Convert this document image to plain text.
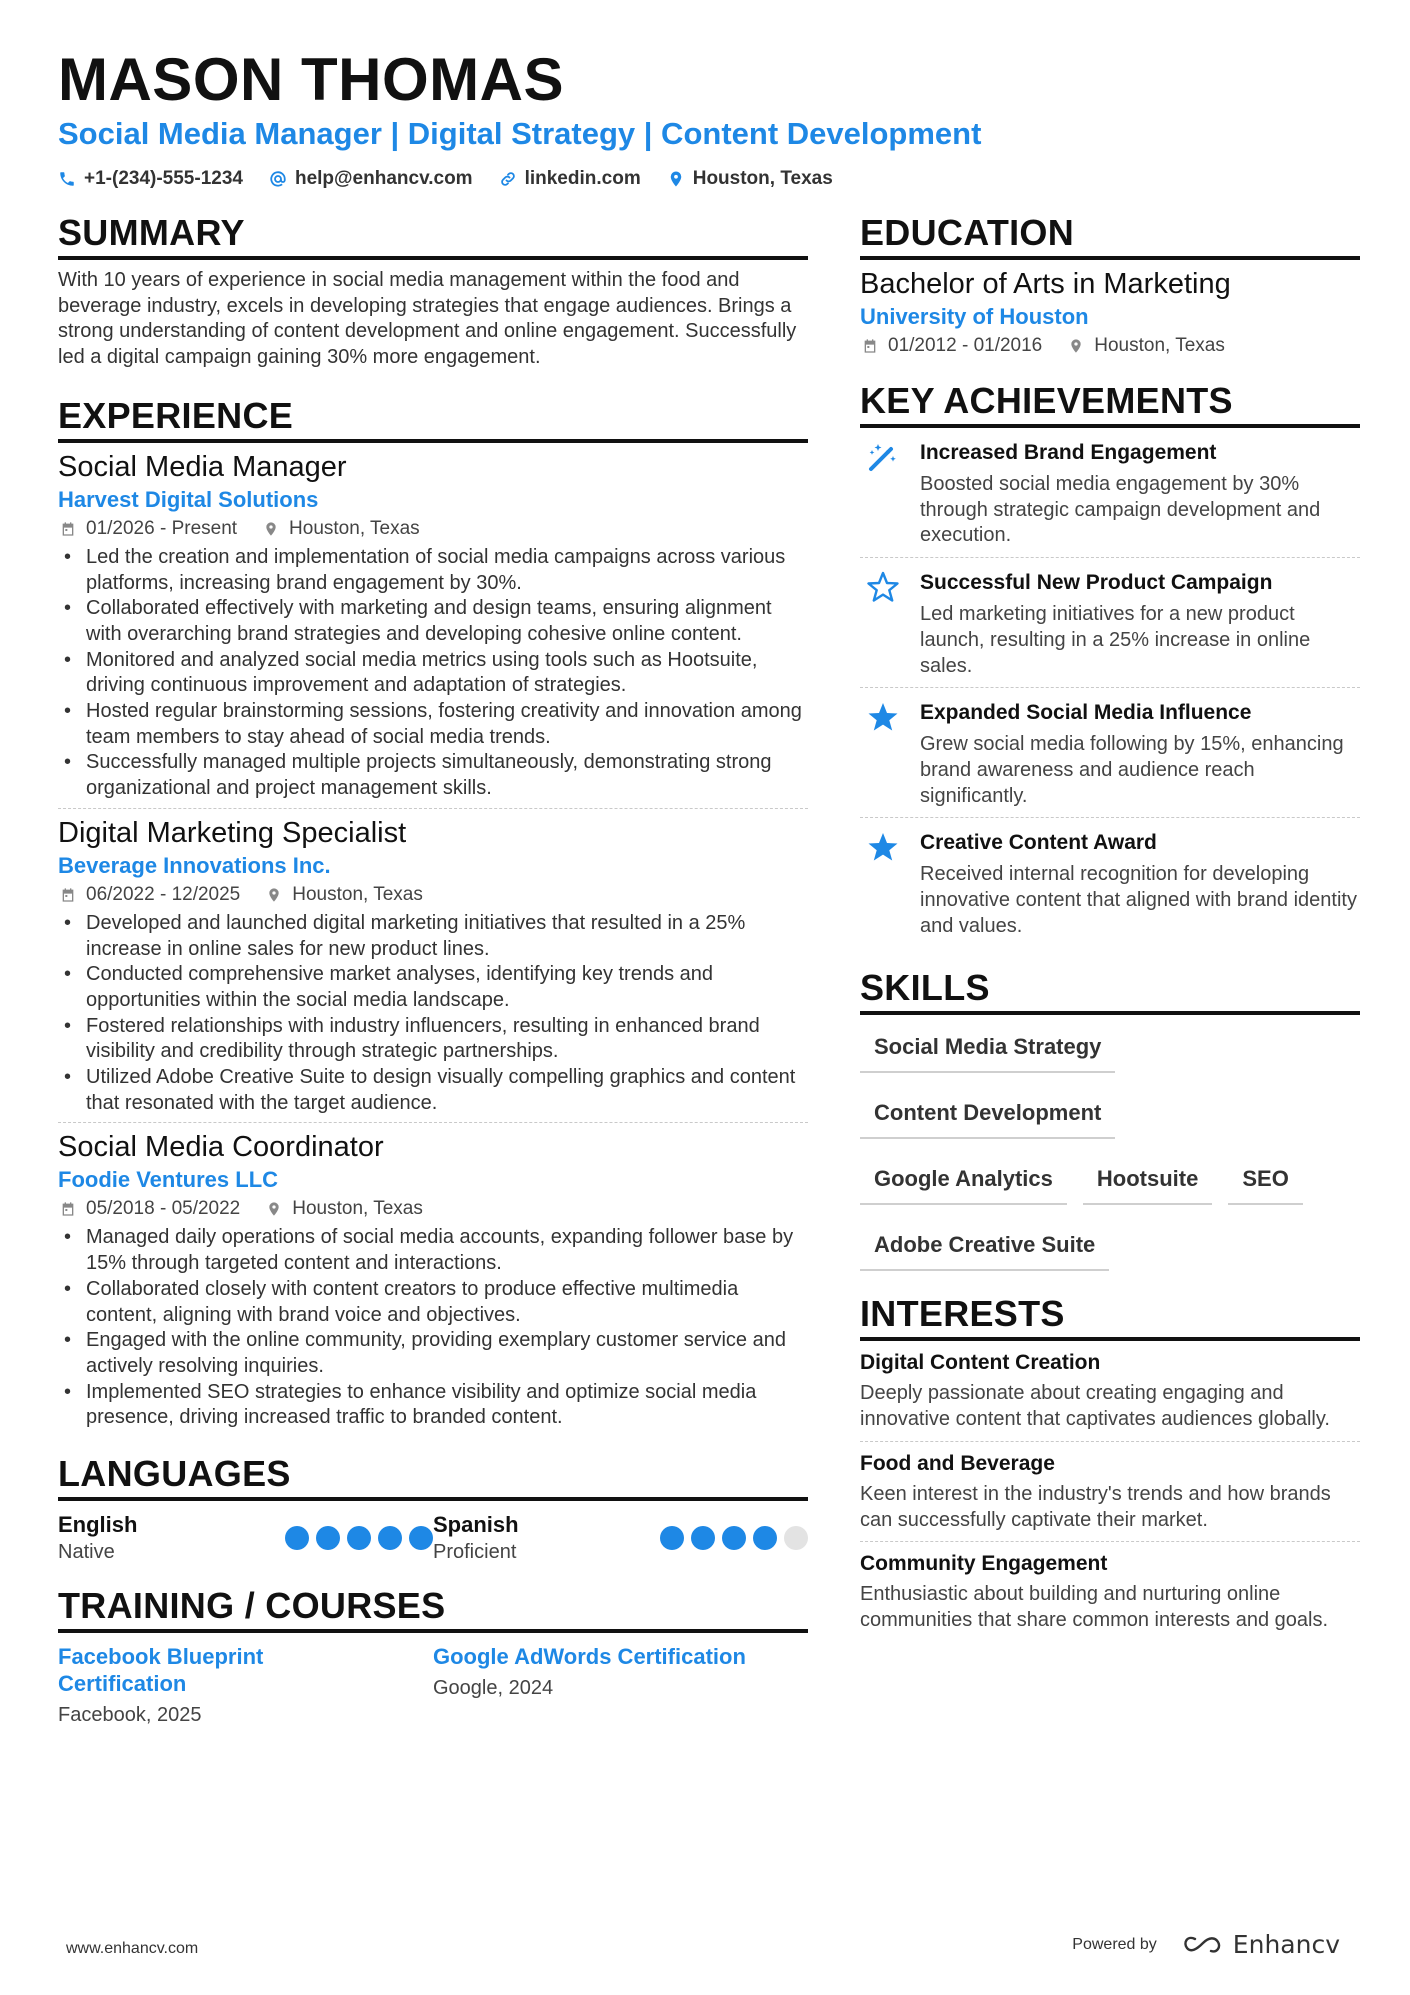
MASON THOMAS
Social Media Manager | Digital Strategy | Content Development
+1-(234)-555-1234	help@enhancv.com	linkedin.com	Houston, Texas
SUMMARY
With 10 years of experience in social media management within the food and beverage industry, excels in developing strategies that engage audiences. Brings a strong understanding of content development and online engagement. Successfully led a digital campaign gaining 30% more engagement.
EXPERIENCE
Social Media Manager
Harvest Digital Solutions
01/2026 - Present	Houston, Texas
• Led the creation and implementation of social media campaigns across various platforms, increasing brand engagement by 30%.
• Collaborated effectively with marketing and design teams, ensuring alignment with overarching brand strategies and developing cohesive online content.
• Monitored and analyzed social media metrics using tools such as Hootsuite, driving continuous improvement and adaptation of strategies.
• Hosted regular brainstorming sessions, fostering creativity and innovation among team members to stay ahead of social media trends.
• Successfully managed multiple projects simultaneously, demonstrating strong organizational and project management skills.
Digital Marketing Specialist
Beverage Innovations Inc.
06/2022 - 12/2025	Houston, Texas
• Developed and launched digital marketing initiatives that resulted in a 25% increase in online sales for new product lines.
• Conducted comprehensive market analyses, identifying key trends and opportunities within the social media landscape.
• Fostered relationships with industry influencers, resulting in enhanced brand visibility and credibility through strategic partnerships.
• Utilized Adobe Creative Suite to design visually compelling graphics and content that resonated with the target audience.
Social Media Coordinator
Foodie Ventures LLC
05/2018 - 05/2022	Houston, Texas
• Managed daily operations of social media accounts, expanding follower base by 15% through targeted content and interactions.
• Collaborated closely with content creators to produce effective multimedia content, aligning with brand voice and objectives.
• Engaged with the online community, providing exemplary customer service and actively resolving inquiries.
• Implemented SEO strategies to enhance visibility and optimize social media presence, driving increased traffic to branded content.
LANGUAGES
English
Native
Spanish
Proficient
TRAINING / COURSES
Facebook Blueprint Certification
Facebook, 2025
Google AdWords Certification
Google, 2024
EDUCATION
Bachelor of Arts in Marketing
University of Houston
01/2012 - 01/2016	Houston, Texas
KEY ACHIEVEMENTS
Increased Brand Engagement
Boosted social media engagement by 30% through strategic campaign development and execution.
Successful New Product Campaign
Led marketing initiatives for a new product launch, resulting in a 25% increase in online sales.
Expanded Social Media Influence
Grew social media following by 15%, enhancing brand awareness and audience reach significantly.
Creative Content Award
Received internal recognition for developing innovative content that aligned with brand identity and values.
SKILLS
Social Media Strategy
Content Development
Google Analytics	Hootsuite	SEO
Adobe Creative Suite
INTERESTS
Digital Content Creation
Deeply passionate about creating engaging and innovative content that captivates audiences globally.
Food and Beverage
Keen interest in the industry's trends and how brands can successfully captivate their market.
Community Engagement
Enthusiastic about building and nurturing online communities that share common interests and goals.
www.enhancv.com	Powered by	Enhancv
